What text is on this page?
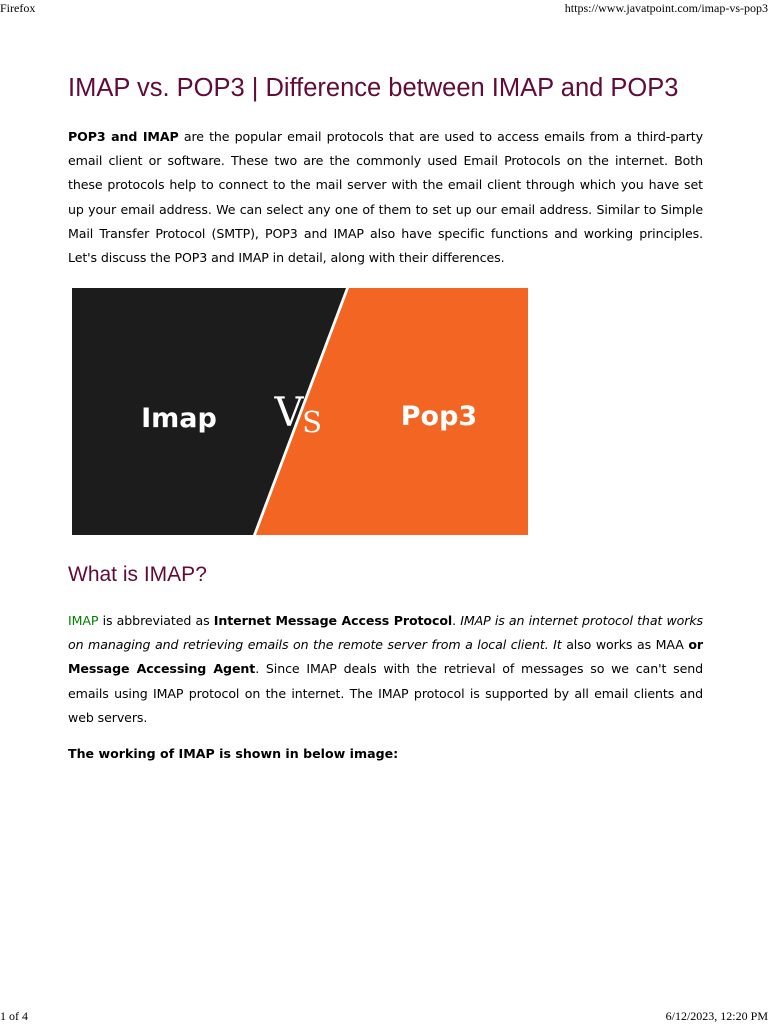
Firefox	https://www.javatpoint.com/imap-vs-pop3
IMAP vs. POP3 | Difference between IMAP and POP3

POP3 and IMAP are the popular email protocols that are used to access emails from a third-party email client or software. These two are the commonly used Email Protocols on the internet. Both these protocols help to connect to the mail server with the email client through which you have set up your email address. We can select any one of them to set up our email address. Similar to Simple Mail Transfer Protocol (SMTP), POP3 and IMAP also have specific functions and working principles. Let's discuss the POP3 and IMAP in detail, along with their differences.

Imap V
S	Pop3
What is IMAP?

IMAP is abbreviated as Internet Message Access Protocol. IMAP is an internet protocol that works on managing and retrieving emails on the remote server from a local client. It also works as MAA or Message Accessing Agent. Since IMAP deals with the retrieval of messages so we can't send emails using IMAP protocol on the internet. The IMAP protocol is supported by all email clients and web servers.

The working of IMAP is shown in below image:

1 of 4	6/12/2023, 12:20 PM
